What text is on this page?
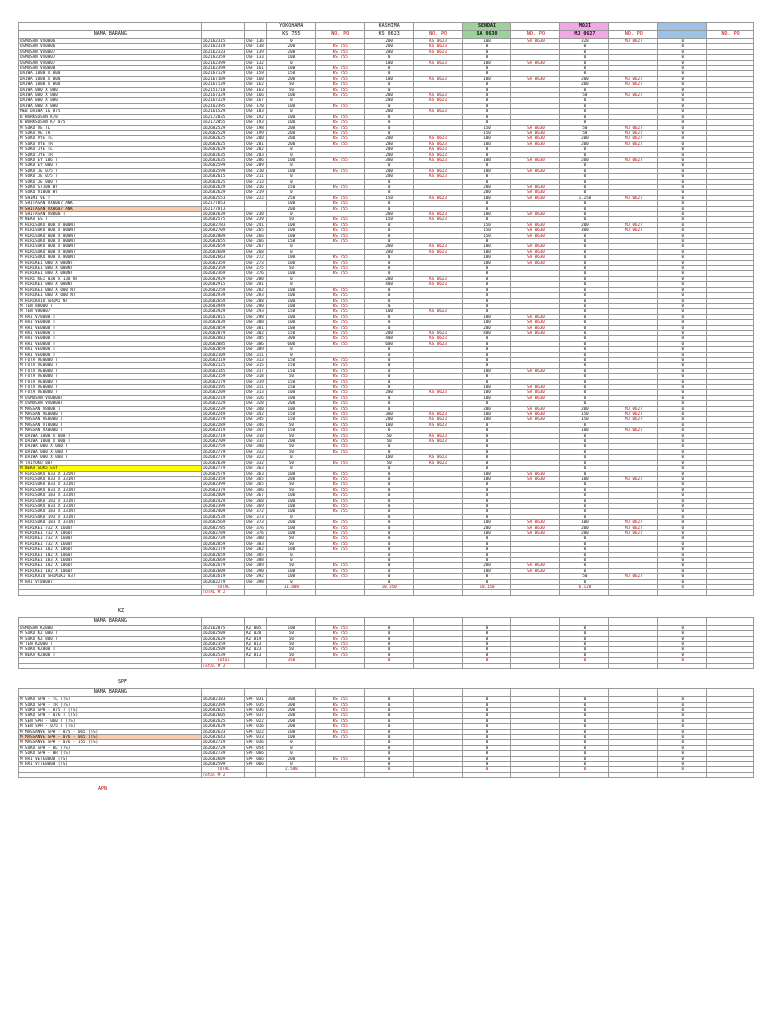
			YOKOHAMA		KASHIMA		SENDAI		MOJI			
NAMA BARANG			KS 755	NO. PO	KS 0623	NO. PO	SA 0630	NO. PO	MJ 0627	NO. PO		NO. PO
USMOSAN VX0006	162162315	OSF 136	0		200	KS 0623	100	SA 0630	320	MJ 0627	0	
USMOSAN VX0006	162162319	OSF 138	200	KS 755	200	KS 0623	0		0		0	
USMOSAN VX0007	162162333	OSF 139	200	KS 755	200	KS 0623	0		0		0	
USMOSAN VX0007	162162359	OSF 133	100	KS 755	0		0		0		0	
USMOSAN VX0007	162162399	OSF 132	0		100	KS 0623	100	SA 0630	0		0	
USMOSAN VX0008	162162399	OSF 161	100	KS 755	0		0		0		0	
DAIWA 1000 X 000	162167129	OSF 159	150	KS 755	0		0		0		0	
DAIWA 1000 X 000	162167109	OSF 160	200	KS 755	100	KS 0623	100	SA 0630	200	MJ 0627	0	
DAIWA 1000 X 000	162167139	OSF 162	50	KS 755	0		0		200	MJ 0627	0	
DAIWA 000 X 000	162151710	OSF 163	50	KS 755	0		0		0		0	
DAIWA 000 X 000	162167329	OSF 166	100	KS 755	200	KS 0623	0		50	MJ 0627	0	
DAIWA 000 X 000	162167329	OSF 167	0		200	KS 0623	0		0		0	
DAIWA 000 X 000	162162395	OSF 170	100	KS 755	0		0		0		0	
MEB DAIWA 1G 075	162161529	OSF 183	0		200	KS 0623	0		0		0	
B WORKSOSAN K78	162172035	OSF 192	100	KS 755	0		0		0		0	
B WORKSOSAN K7 075	162172055	OSF 193	100	KS 755	0		0		0		0	
M SOKU VE TL	162682529	OSF 198	200	KS 755	0		150	SA 0630	50	MJ 0627	0	
M SOKU VE TR	162682529	OSF 199	200	KS 755	0		150	SA 0630	50	MJ 0627	0	
M SOKU VYE TL	162682625	OSF 200	200	KS 755	200	KS 0623	100	SA 0630	200	MJ 0627	0	
M SOKU VYE TR	162682625	OSF 201	200	KS 755	200	KS 0623	100	SA 0630	200	MJ 0627	0	
M SOKU JYE TL	162682629	OSF 202	0		200	KS 0623	0		0		0	
M SOKU JYE TR	162682635	OSF 203	0		200	KS 0623	0		0		0	
M SOKU EY 106 T	162682635	OSF 206	100	KS 755	300	KS 0623	100	SA 0630	200	MJ 0627	0	
M SOKU EY 080 T	162682599	OSF 209	0		0		0		0		0	
M SOKU JE 075 T	162682599	OSF 210	100	KS 755	200	KS 0623	100	SA 0630	0		0	
M SOKU JE 075 T	162682615	OSF 211	0		200	KS 0623	0		0		0	
M SOKU JE 080 T	162682625	OSF 213	0		0		0		0		0	
M SOKU ST100 WT	162682629	OSF 216	150	KS 755	0		200	SA 0630	0		0	
M SOKU V1000 WT	162682629	OSF 219	0		0		200	SA 0630	0		0	
M SHIMI VE T	162682553	OSF 222	250	KS 755	150	KS 0623	100	SA 0630	1.150	MJ 0627	0	
M SHITASAN VX0067 ANK	162177053		100	KS 755	0		0		0		0	
M SHITASAN VX0607 ANK	162177813		200	KS 755	0		0		0		0	
M SHITASAN V8000 T	162682639	OSF 238	0		200	KS 0623	100	SA 0630	0		0	
M NEKA ES T	162682575	OSF 239	50	KS 755	150	KS 0623	0		0		0	
M HIRISOKU 000 X 000NT	162682783	OSF 241	100	KS 755	0		150	SA 0630	200	MJ 0627	0	
M HIRISOKU 000 X 000NT	162682709	OSF 265	100	KS 755	0		150	SA 0630	300	MJ 0627	0	
M HIRISOKU 000 X 000NT	162682809	OSF 266	100	KS 755	0		150	SA 0630	0		0	
M HIRISOKU 000 X 000NT	162682655	OSF 266	150	KS 755	0		0		0		0	
M HIRISOKU 000 X 000NT	162682659	OSF 267	0		200	KS 0623	100	SA 0630	0		0	
M HIRISOKU 000 X 000NT	162682609	OSF 268	0		200	KS 0623	100	SA 0630	0		0	
M HIRISOKU 000 X 000NT	162682663	OSF 272	100	KS 755	0		100	SA 0630	0		0	
M HIRIKEI 000 X 000NT	162682359	OSF 273	100	KS 755	0		100	SA 0630	0		0	
M HIRIKEI 000 X 000NT	162682359	OSF 275	50	KS 755	0		0		0		0	
M HIRIKEI 000 X 000NT	162682369	OSF 276	100	KS 755	0		0		0		0	
M HIRI KEI 030 X 130 NT	162682929	OSF 280	0		200	KS 0623	0		0		0	
M HIRIKEI 000 X 000NT	162682915	OSF 281	0		400	KS 0623	0		0		0	
M HIRIKEI 000 X 000 NT	162682259	OSF 282	100	KS 755	0		0		0		0	
M HIRIKEI 000 X 000 NT	162682939	OSF 283	100	KS 755	0		0		0		0	
M HIRIKAIO SHIMI NT	162682659	OSF 288	100	KS 755	0		0		0		0	
M TEN 88000 T	162683949	OSF 290	100	KS 755	0		0		0		0	
M TEN V80007	162682929	OSF 293	150	KS 755	100	KS 0623	0		0		0	
M HAI V78000 T	162682015	OSF 298	100	KS 755	0		100	SA 0630	0		0	
M HAI VE0000 T	162682039	OSF 300	100	KS 755	0		100	SA 0630	0		0	
M HAI VE0000 T	162682059	OSF 301	100	KS 755	0		200	SA 0630	0		0	
M HAI VE0000 T	162682079	OSF 302	150	KS 755	200	KS 0623	400	SA 0630	0		0	
M HAI VE0000 T	162682083	OSF 305	300	KS 755	400	KS 0623	0		0		0	
M HAI VE0000 T	162682085	OSF 306	600	KS 755	600	KS 0623	0		0		0	
M HAI VE0000 T	162682059	OSF 309	0		0		0		0		0	
M HAI VE0000 T	162682109	OSF 311	0		0		0		0		0	
M FUTA VE0000 T	162682119	OSF 313	150	KS 755	0		0		0		0	
M FUTA VE0000 T	162682125	OSF 315	150	KS 755	0		0		0		0	
M FUTA VE0000 T	162682145	OSF 317	150	KS 755	0		100	SA 0630	0		0	
M FUTA VE0000 T	162682159	OSF 318	50	KS 755	0		0		0		0	
M FUTA VE0000 T	162682179	OSF 319	150	KS 755	0		0		0		0	
M FUTA VE0000 T	162682195	OSF 311	150	KS 755	0		100	SA 0630	0		0	
M FUTA VE0000 T	162682209	OSF 313	100	KS 755	200	KS 0623	100	SA 0630	0		0	
M USMOSAN VX0000T	162682219	OSF 326	100	KS 755	0		100	SA 0630	0		0	
M USMOSAN VX0000T	162682229	OSF 328	200	KS 755	0		0		0		0	
M MASSAN V8000 T	162682239	OSF 340	100	KS 755	0		200	SA 0630	200	MJ 0627	0	
M MASSAN VE0000 T	162682249	OSF 342	150	KS 755	300	KS 0623	100	SA 0630	150	MJ 0627	0	
M MASSAN VE0000 T	162682279	OSF 345	150	KS 755	200	KS 0623	100	SA 0630	150	MJ 0627	0	
M MASSAN VT8000 T	162682289	OSF 346	50	KS 755	100	KS 0623	0		0		0	
M MASSAN VX0000 T	162682319	OSF 347	150	KS 755	0		0		100	MJ 0627	0	
M DAIWA 1000 X 000 T	162682719	OSF 318	50	KS 755	50	KS 0623	0		0		0	
M DAIWA 1000 X 000 T	162682709	OSF 337	200	KS 755	50	KS 0623	0		0		0	
M DAIWA 000 X 000 T	162682759	OSF 340	50	KS 755	0		0		0		0	
M DAIWA 000 X 000 T	162682779	OSF 332	50	KS 755	0		0		0		0	
M DAIWA 000 X 000 T	162682779	OSF 323	0		100	KS 0623	0		0		0	
M TAIYOKU 80T	162682639	OSF 332	50	KS 755	50	KS 0623	0		0		0	
M NEKA SOK5 ESY	162682779	OSF 363	0		0		0		0		0	
M HIRISOKU 833 X 335NT	162682579	OSF 363	100	KS 755	0		100	SA 0630	0		0	
M HIRISOKU 833 X 331NT	162682359	OSF 365	200	KS 755	0		100	SA 0630	100	MJ 0627	0	
M HIRISOKU 833 X 331NT	162682399	OSF 365	50	KS 755	0		0		0		0	
M HIRISOKU 833 X 331NT	162682379	OSF 366	50	KS 755	0		0		0		0	
M HIRISOKU 183 X 331NT	162682409	OSF 367	100	KS 755	0		0		0		0	
M HIRISOKU 183 X 331NT	162682429	OSF 368	100	KS 755	0		0		0		0	
M HIRISOKU 833 X 331NT	162682399	OSF 369	100	KS 755	0		0		0		0	
M HIRISOKU 183 X 331NT	162682409	OSF 372	100	KS 755	0		0		0		0	
M HIRISOKU 193 X 331NT	162682539	OSF 373	0		0		0		0		0	
M HIRISOKU 183 X 331NT	162682569	OSF 373	200	KS 755	0		100	SA 0630	100	MJ 0627	0	
M HIRIKEI 732 X 1600T	162682785	OSF 376	100	KS 755	0		200	SA 0630	200	MJ 0627	0	
M HIRIKEI 732 X 1060T	162682789	OSF 376	100	KS 755	0		100	SA 0630	200	MJ 0627	0	
M HIRIKEI 732 X 1600T	162682739	OSF 380	50	KS 755	0		0		0		0	
M HIRIKEI 732 X 1600T	162682859	OSF 383	50	KS 755	0		0		0		0	
M HIRIKEI 182 X 1060T	162682179	OSF 382	100	KS 755	0		0		0		0	
M HIRIKEI 182 X 1060T	162682659	OSF 385	0		0		0		0		0	
M HIRIKEI 183 X 1600T	162682669	OSF 388	0		0		0		0		0	
M HIRIKEI 182 X 1060T	162682679	OSF 389	50	KS 755	0		200	SA 0630	0		0	
M HIRIKEI 182 X 1060T	162682609	OSF 390	100	KS 755	0		100	SA 0630	0		0	
M HIRIKAIO SHIMIKI 83T	162682619	OSF 392	100	KS 755	0		0		50	MJ 0627	0	
M HAI VT80007	162682279	OSF 398	0		0		0		0		0	
	TOTAL		11.800		10.350		10.150		6.120		0	
	TOTAL M 2											
KZ
NAMA BARANG												
USMOSAN KZ000	162162075	KZ 005	100	KS 755	0		0		0		0	
M SOKU KZ 000 T	162682509	KZ 020	50	KS 755	0		0		0		0	
M SOKU KZ 800 T	162682629	KZ 019	50	KS 755	0		0		0		0	
M TEN KZ000 T	162682359	KZ 013	50	KS 755	0		0		0		0	
M SOKU KZ000 T	162682509	KZ 023	50	KS 755	0		0		0		0	
M NEKA KZ000 T	162682539	KZ 013	50	KS 755	0		0		0		0	
	Total		350		0		0		0		0	
	Total M 2											
SPF
NAMA BARANG												
M SOKU SPH - TL (TS)	162682183	SPF 031	300	KS 755	0		0		0		0	
M SOKU SPH - TR (TS)	162682399	SPF 035	300	KS 755	0		0		0		0	
M SOKU SPH - 075 T (TS)	162682615	SPF 036	200	KS 755	0		0		0		0	
M SOKU SPH - 076 T (TS)	162682605	SPF 037	200	KS 755	0		0		0		0	
M SEN SPH - 060 T (TS)	162682625	SPF 022	200	KS 755	0		0		0		0	
M SEN SPH - 075 T (TS)	162682629	SPF 016	200	KS 755	0		0		0		0	
M MASSANVE SPH - 075 - 065 (TS)	162682633	SPF 022	100	KS 755	0		0		0		0	
M MASSANVE SPH - 076 - 065 (TS)	162682643	SPF 033	100	KS 755	0		0		0		0	
M MASSANVE SPH - 076 - 155 (TS)	162682719	SPF 036	0		0		0		0		0	
M SOKU SPH - BL (TS)	162682729	SPF 054	0		0		0		0		0	
M SOKU SPH - BR (TS)	162682739	SPF 066	0		0		0		0		0	
M HAI VE7E0000 (TS)	162682609	SPF 066	200	KS 755	0		0		0		0	
M HAI VT7E0000 (TS)	162682599	SPF 066	0		0		0		0		0	
	TOTAL		2.500		0		0		0		0	
	Total M 2											
APN
